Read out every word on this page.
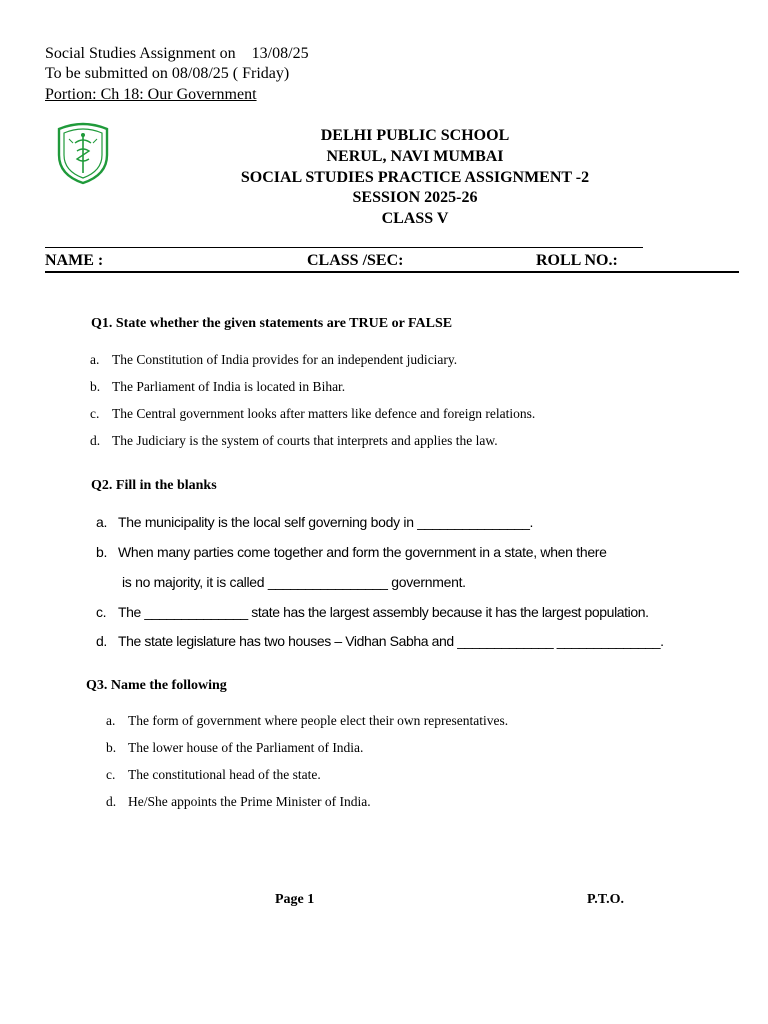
Social Studies Assignment on 13/08/25
To be submitted on 08/08/25 ( Friday)
Portion: Ch 18: Our Government
DELHI PUBLIC SCHOOL
NERUL, NAVI MUMBAI
SOCIAL STUDIES PRACTICE ASSIGNMENT -2
SESSION 2025-26
CLASS V
NAME :	CLASS /SEC:	ROLL NO.:
Q1. State whether the given statements are TRUE or FALSE
a. The Constitution of India provides for an independent judiciary.
b. The Parliament of India is located in Bihar.
c. The Central government looks after matters like defence and foreign relations.
d. The Judiciary is the system of courts that interprets and applies the law.
Q2. Fill in the blanks
a. The municipality is the local self governing body in _______________.
b. When many parties come together and form the government in a state, when there
is no majority, it is called ________________ government.
c. The ______________ state has the largest assembly because it has the largest population.
d. The state legislature has two houses – Vidhan Sabha and _____________ ______________.
Q3. Name the following
a. The form of government where people elect their own representatives.
b. The lower house of the Parliament of India.
c. The constitutional head of the state.
d. He/She appoints the Prime Minister of India.
Page 1	P.T.O.
